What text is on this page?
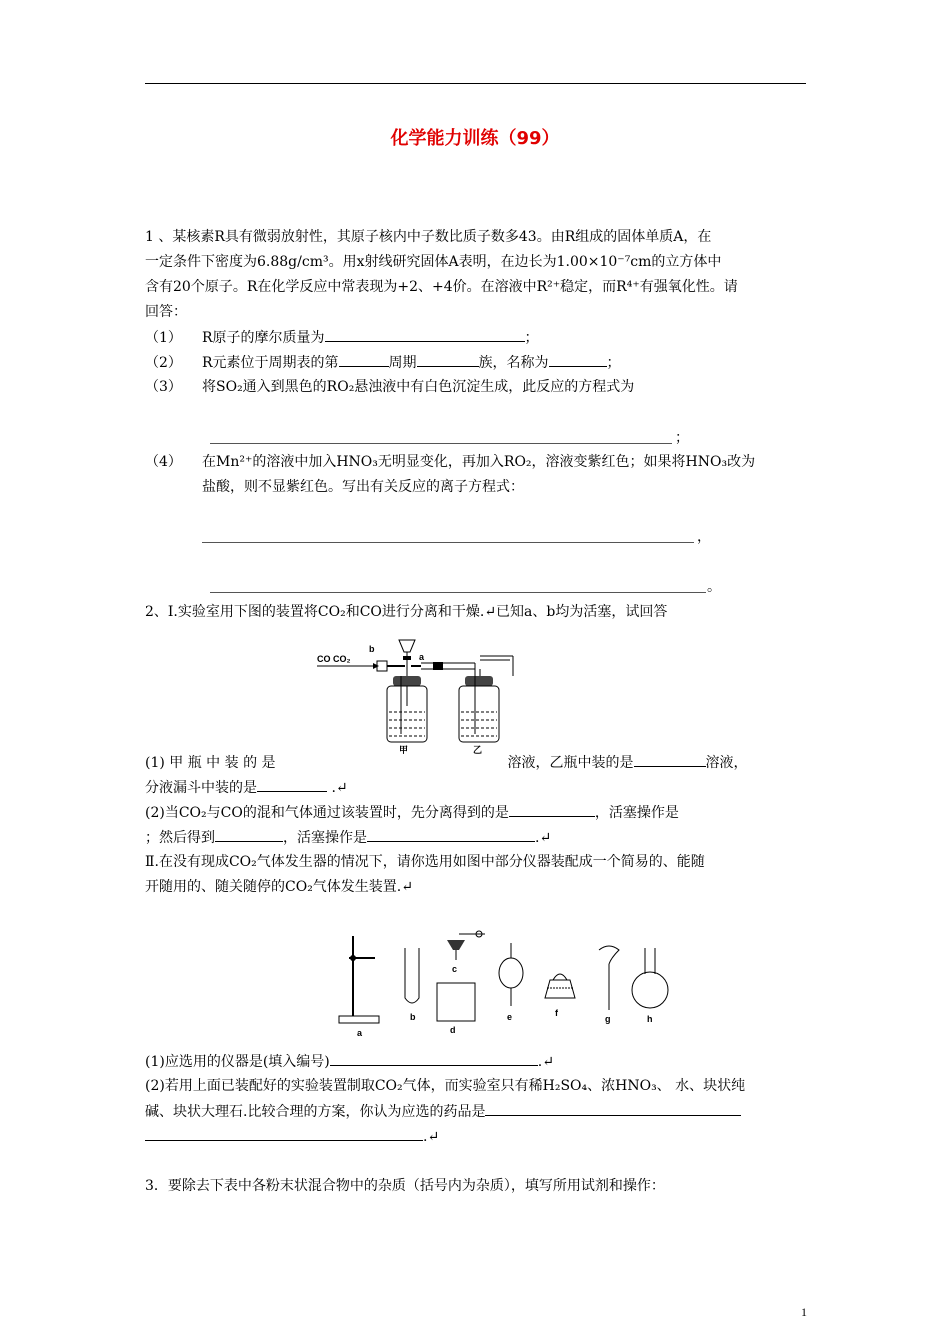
化学能力训练（99）
1 、某核素R具有微弱放射性，其原子核内中子数比质子数多43。由R组成的固体单质A，在
一定条件下密度为6.88g/cm³。用x射线研究固体A表明，在边长为1.00×10⁻⁷cm的立方体中
含有20个原子。R在化学反应中常表现为+2、+4价。在溶液中R²⁺稳定，而R⁴⁺有强氧化性。请
回答：
（1） R原子的摩尔质量为	；
（2） R元素位于周期表的第	周期	族，名称为	；
（3） 将SO₂通入到黑色的RO₂悬浊液中有白色沉淀生成，此反应的方程式为
；
（4） 在Mn²⁺的溶液中加入HNO₃无明显变化，再加入RO₂，溶液变紫红色；如果将HNO₃改为
盐酸，则不显紫红色。写出有关反应的离子方程式：
，
。
2、Ⅰ.实验室用下图的装置将CO₂和CO进行分离和干燥.↵已知a、b均为活塞，试回答
CO CO₂
b
a
甲	乙
(1) 甲 瓶 中 装 的 是	溶液，乙瓶中装的是	溶液，
分液漏斗中装的是	.↵
(2)当CO₂与CO的混和气体通过该装置时，先分离得到的是	，活塞操作是
；然后得到	，活塞操作是	.↵
Ⅱ.在没有现成CO₂气体发生器的情况下，请你选用如图中部分仪器装配成一个简易的、能随
开随用的、随关随停的CO₂气体发生装置.↵
a
b
c
d
e	f
g	h
(1)应选用的仪器是(填入编号)	.↵
(2)若用上面已装配好的实验装置制取CO₂气体，而实验室只有稀H₂SO₄、浓HNO₃、 水、块状纯
碱、块状大理石.比较合理的方案，你认为应选的药品是
.↵
3．要除去下表中各粉末状混合物中的杂质（括号内为杂质），填写所用试剂和操作：
1
